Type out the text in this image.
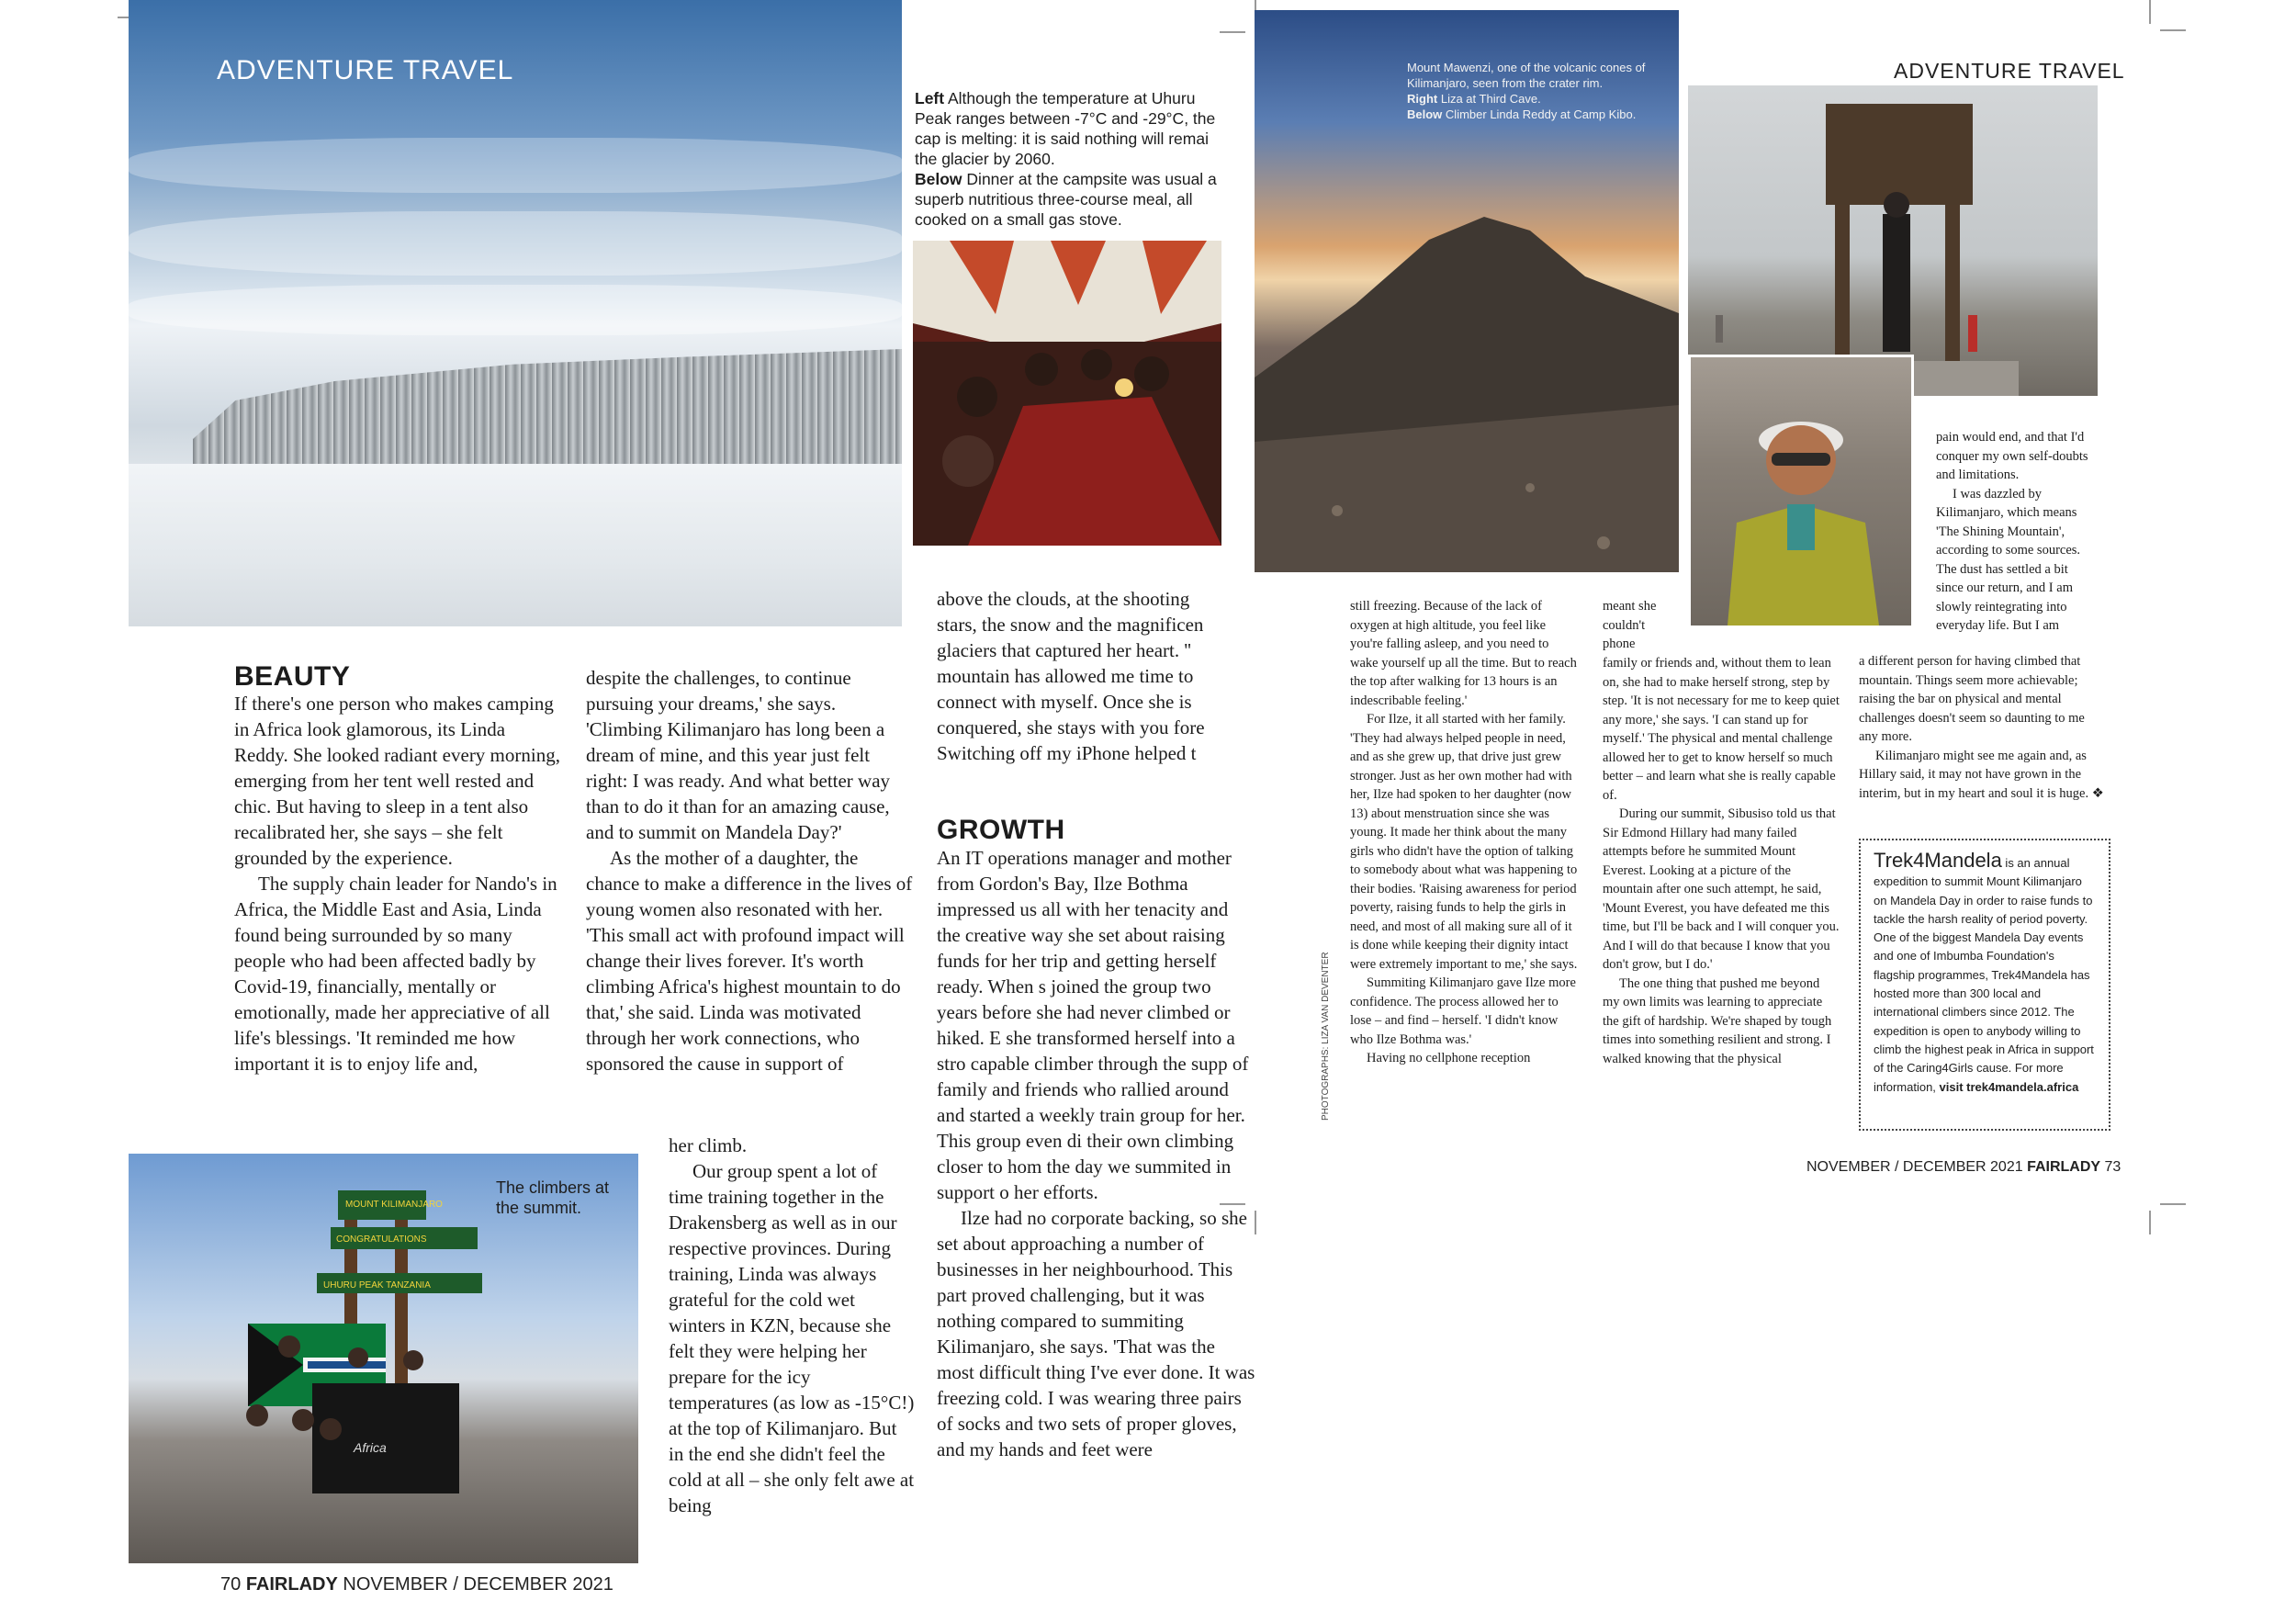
ADVENTURE TRAVEL
Left Although the temperature at Uhuru Peak ranges between -7°C and -29°C, the cap is melting: it is said nothing will remai the glacier by 2060.
Below Dinner at the campsite was usual a superb nutritious three-course meal, all cooked on a small gas stove.
BEAUTY

If there's one person who makes camping in Africa look glamorous, its Linda Reddy. She looked radiant every morning, emerging from her tent well rested and chic. But having to sleep in a tent also recalibrated her, she says – she felt grounded by the experience.

The supply chain leader for Nando's in Africa, the Middle East and Asia, Linda found being surrounded by so many people who had been affected badly by Covid-19, financially, mentally or emotionally, made her appreciative of all life's blessings. 'It reminded me how important it is to enjoy life and,

despite the challenges, to continue pursuing your dreams,' she says. 'Climbing Kilimanjaro has long been a dream of mine, and this year just felt right: I was ready. And what better way than to do it than for an amazing cause, and to summit on Mandela Day?'

As the mother of a daughter, the chance to make a difference in the lives of young women also resonated with her. 'This small act with profound impact will change their lives forever. It's worth climbing Africa's highest mountain to do that,' she said. Linda was motivated through her work connections, who sponsored the cause in support of

her climb.

Our group spent a lot of time training together in the Drakensberg as well as in our respective provinces. During training, Linda was always grateful for the cold wet winters in KZN, because she felt they were helping her prepare for the icy temperatures (as low as -15°C!) at the top of Kilimanjaro. But in the end she didn't feel the cold at all – she only felt awe at being

MOUNT KILIMANJARO
CONGRATULATIONS
UHURU PEAK TANZANIA
Africa
The climbers at the summit.
above the clouds, at the shooting stars, the snow and the magnificen glaciers that captured her heart. '' mountain has allowed me time to connect with myself. Once she is conquered, she stays with you fore Switching off my iPhone helped t
GROWTH

An IT operations manager and mother from Gordon's Bay, Ilze Bothma impressed us all with her tenacity and the creative way she set about raising funds for her trip and getting herself ready. When s joined the group two years before she had never climbed or hiked. E she transformed herself into a stro capable climber through the supp of family and friends who rallied around and started a weekly train group for her. This group even di their own climbing closer to hom the day we summited in support o her efforts.

Ilze had no corporate backing, so she set about approaching a number of businesses in her neighbourhood. This part proved challenging, but it was nothing compared to summiting Kilimanjaro, she says. 'That was the most difficult thing I've ever done. It was freezing cold. I was wearing three pairs of socks and two sets of proper gloves, and my hands and feet were

70 FAIRLADY NOVEMBER / DECEMBER 2021
Mount Mawenzi, one of the volcanic cones of Kilimanjaro, seen from the crater rim.
Right Liza at Third Cave.
Below Climber Linda Reddy at Camp Kibo.
ADVENTURE TRAVEL

still freezing. Because of the lack of oxygen at high altitude, you feel like you're falling asleep, and you need to wake yourself up all the time. But to reach the top after walking for 13 hours is an indescribable feeling.'

For Ilze, it all started with her family. 'They had always helped people in need, and as she grew up, that drive just grew stronger. Just as her own mother had with her, Ilze had spoken to her daughter (now 13) about menstruation since she was young. It made her think about the many girls who didn't have the option of talking to somebody about what was happening to their bodies. 'Raising awareness for period poverty, raising funds to help the girls in need, and most of all making sure all of it is done while keeping their dignity intact were extremely important to me,' she says.

Summiting Kilimanjaro gave Ilze more confidence. The process allowed her to lose – and find – herself. 'I didn't know who Ilze Bothma was.'

Having no cellphone reception

PHOTOGRAPHS: LIZA VAN DEVENTER
meant she
couldn't
phone

family or friends and, without them to lean on, she had to make herself strong, step by step. 'It is not necessary for me to keep quiet any more,' she says. 'I can stand up for myself.' The physical and mental challenge allowed her to get to know herself so much better – and learn what she is really capable of.

During our summit, Sibusiso told us that Sir Edmond Hillary had many failed attempts before he summited Mount Everest. Looking at a picture of the mountain after one such attempt, he said, 'Mount Everest, you have defeated me this time, but I'll be back and I will conquer you. And I will do that because I know that you don't grow, but I do.'

The one thing that pushed me beyond my own limits was learning to appreciate the gift of hardship. We're shaped by tough times into something resilient and strong. I walked knowing that the physical

pain would end, and that I'd conquer my own self-doubts and limitations.

I was dazzled by Kilimanjaro, which means 'The Shining Mountain', according to some sources. The dust has settled a bit since our return, and I am slowly reintegrating into everyday life. But I am

a different person for having climbed that mountain. Things seem more achievable; raising the bar on physical and mental challenges doesn't seem so daunting to me any more.

Kilimanjaro might see me again and, as Hillary said, it may not have grown in the interim, but in my heart and soul it is huge. ❖

Trek4Mandela is an annual expedition to summit Mount Kilimanjaro on Mandela Day in order to raise funds to tackle the harsh reality of period poverty. One of the biggest Mandela Day events and one of Imbumba Foundation's flagship programmes, Trek4Mandela has hosted more than 300 local and international climbers since 2012. The expedition is open to anybody willing to climb the highest peak in Africa in support of the Caring4Girls cause. For more information, visit trek4mandela.africa
NOVEMBER / DECEMBER 2021 FAIRLADY 73
